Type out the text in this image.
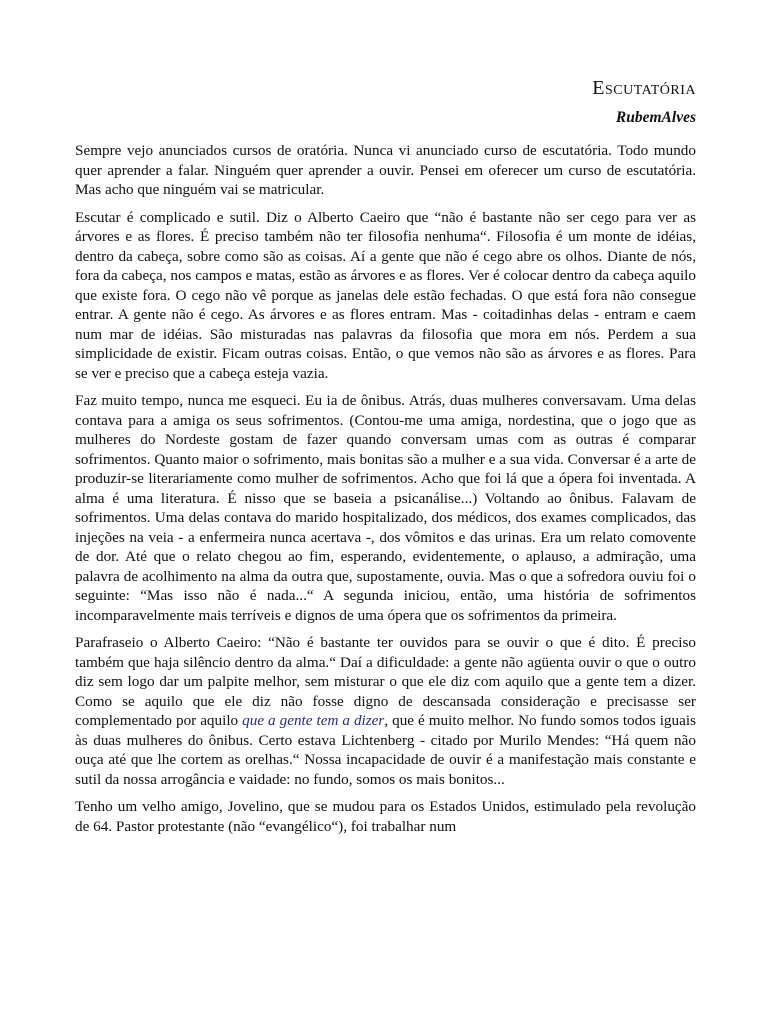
Escutatória
RubemAlves

Sempre vejo anunciados cursos de oratória. Nunca vi anunciado curso de escutatória. Todo mundo quer aprender a falar. Ninguém quer aprender a ouvir. Pensei em oferecer um curso de escutatória. Mas acho que ninguém vai se matricular.

Escutar é complicado e sutil. Diz o Alberto Caeiro que “não é bastante não ser cego para ver as árvores e as flores. É preciso também não ter filosofia nenhuma“. Filosofia é um monte de idéias, dentro da cabeça, sobre como são as coisas. Aí a gente que não é cego abre os olhos. Diante de nós, fora da cabeça, nos campos e matas, estão as árvores e as flores. Ver é colocar dentro da cabeça aquilo que existe fora. O cego não vê porque as janelas dele estão fechadas. O que está fora não consegue entrar. A gente não é cego. As árvores e as flores entram. Mas - coitadinhas delas - entram e caem num mar de idéias. São misturadas nas palavras da filosofia que mora em nós. Perdem a sua simplicidade de existir. Ficam outras coisas. Então, o que vemos não são as árvores e as flores. Para se ver e preciso que a cabeça esteja vazia.

Faz muito tempo, nunca me esqueci. Eu ia de ônibus. Atrás, duas mulheres conversavam. Uma delas contava para a amiga os seus sofrimentos. (Contou-me uma amiga, nordestina, que o jogo que as mulheres do Nordeste gostam de fazer quando conversam umas com as outras é comparar sofrimentos. Quanto maior o sofrimento, mais bonitas são a mulher e a sua vida. Conversar é a arte de produzir-se literariamente como mulher de sofrimentos. Acho que foi lá que a ópera foi inventada. A alma é uma literatura. É nisso que se baseia a psicanálise...) Voltando ao ônibus. Falavam de sofrimentos. Uma delas contava do marido hospitalizado, dos médicos, dos exames complicados, das injeções na veia - a enfermeira nunca acertava -, dos vômitos e das urinas. Era um relato comovente de dor. Até que o relato chegou ao fim, esperando, evidentemente, o aplauso, a admiração, uma palavra de acolhimento na alma da outra que, supostamente, ouvia. Mas o que a sofredora ouviu foi o seguinte: “Mas isso não é nada...“ A segunda iniciou, então, uma história de sofrimentos incomparavelmente mais terríveis e dignos de uma ópera que os sofrimentos da primeira.

Parafraseio o Alberto Caeiro: “Não é bastante ter ouvidos para se ouvir o que é dito. É preciso também que haja silêncio dentro da alma.“ Daí a dificuldade: a gente não agüenta ouvir o que o outro diz sem logo dar um palpite melhor, sem misturar o que ele diz com aquilo que a gente tem a dizer. Como se aquilo que ele diz não fosse digno de descansada consideração e precisasse ser complementado por aquilo que a gente tem a dizer, que é muito melhor. No fundo somos todos iguais às duas mulheres do ônibus. Certo estava Lichtenberg - citado por Murilo Mendes: “Há quem não ouça até que lhe cortem as orelhas.“ Nossa incapacidade de ouvir é a manifestação mais constante e sutil da nossa arrogância e vaidade: no fundo, somos os mais bonitos...

Tenho um velho amigo, Jovelino, que se mudou para os Estados Unidos, estimulado pela revolução de 64. Pastor protestante (não “evangélico“), foi trabalhar num
